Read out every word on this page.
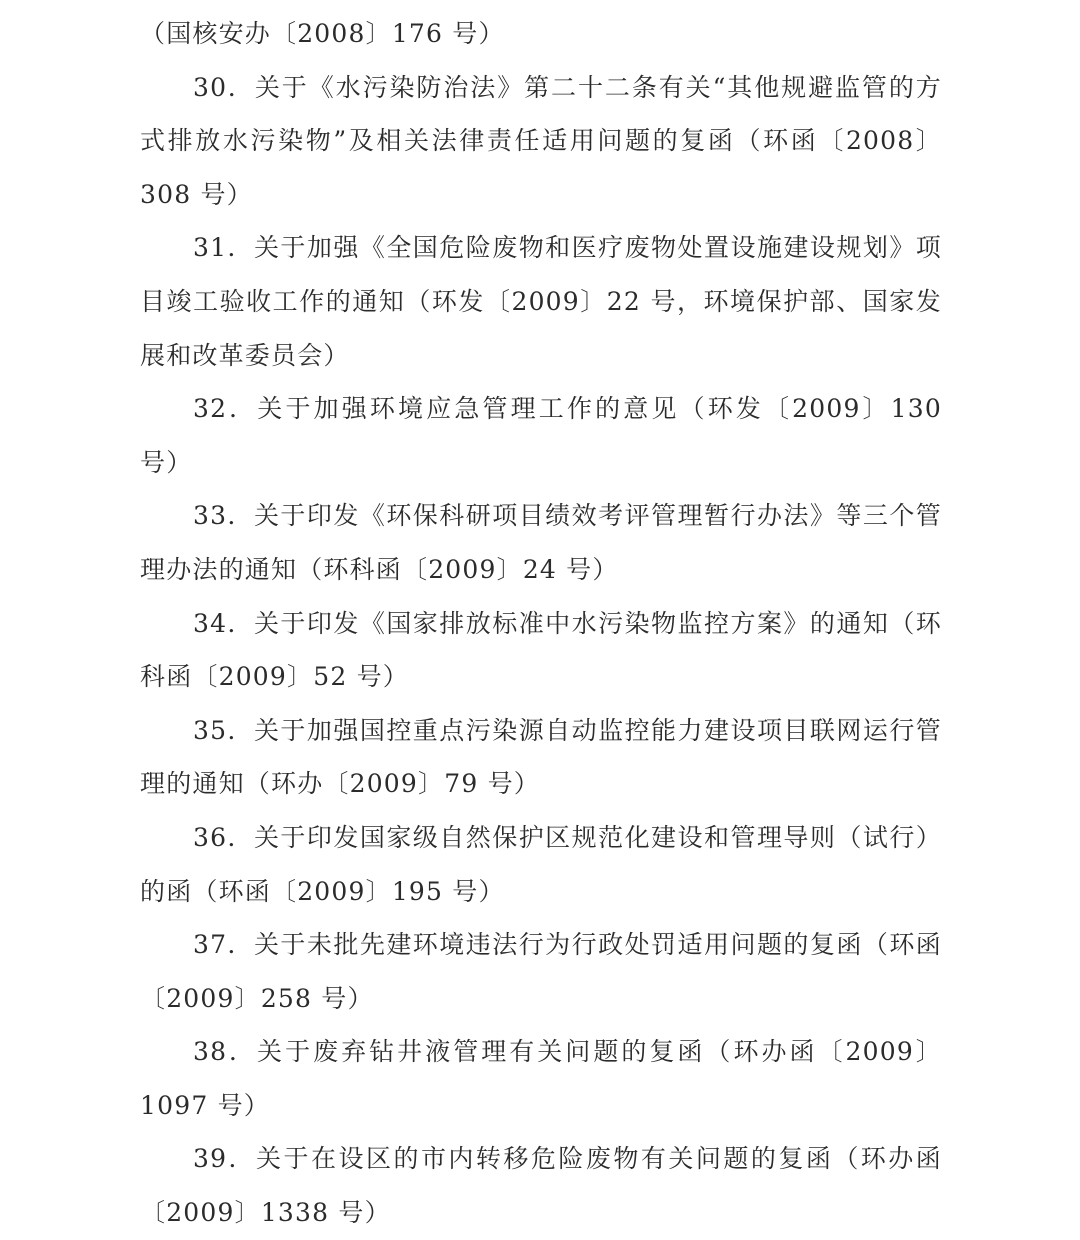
（国核安办〔2008〕176 号）

30．关于《水污染防治法》第二十二条有关“其他规避监管的方式排放水污染物”及相关法律责任适用问题的复函（环函〔2008〕308 号）

31．关于加强《全国危险废物和医疗废物处置设施建设规划》项目竣工验收工作的通知（环发〔2009〕22 号，环境保护部、国家发展和改革委员会）

32．关于加强环境应急管理工作的意见（环发〔2009〕130 号）

33．关于印发《环保科研项目绩效考评管理暂行办法》等三个管理办法的通知（环科函〔2009〕24 号）

34．关于印发《国家排放标准中水污染物监控方案》的通知（环科函〔2009〕52 号）

35．关于加强国控重点污染源自动监控能力建设项目联网运行管理的通知（环办〔2009〕79 号）

36．关于印发国家级自然保护区规范化建设和管理导则（试行）的函（环函〔2009〕195 号）

37．关于未批先建环境违法行为行政处罚适用问题的复函（环函〔2009〕258 号）

38．关于废弃钻井液管理有关问题的复函（环办函〔2009〕1097 号）

39．关于在设区的市内转移危险废物有关问题的复函（环办函〔2009〕1338 号）
